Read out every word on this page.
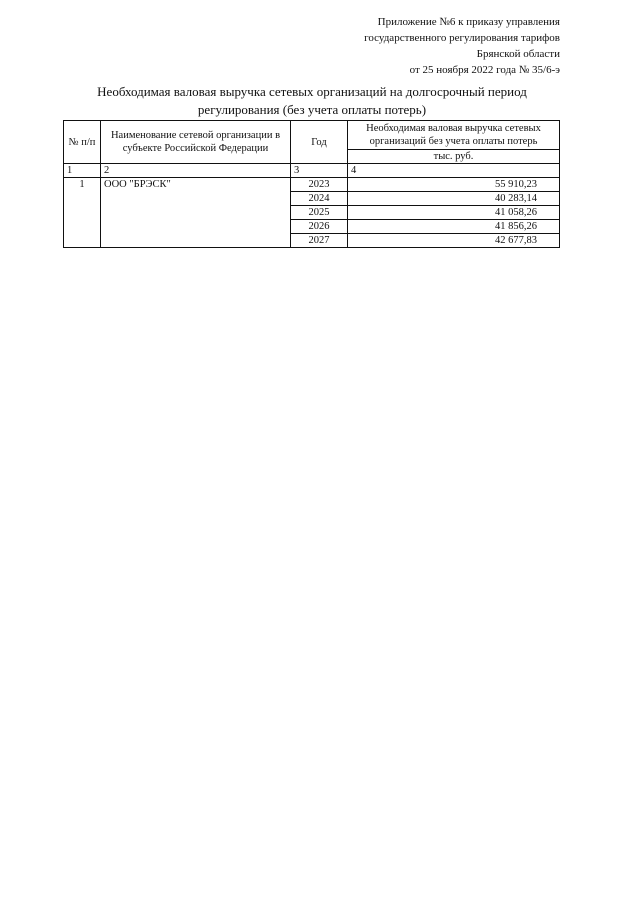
Приложение №6 к приказу управления
государственного регулирования тарифов
Брянской области
от 25 ноября 2022 года № 35/6-э
Необходимая валовая выручка сетевых организаций на долгосрочный период
регулирования (без учета оплаты потерь)
№ п/п	Наименование сетевой организации в субъекте Российской Федерации	Год	Необходимая валовая выручка сетевых организаций без учета оплаты потерь
			тыс. руб.
1	2	3	4
1	ООО "БРЭСК"	2023	55 910,23
		2024	40 283,14
		2025	41 058,26
		2026	41 856,26
		2027	42 677,83
